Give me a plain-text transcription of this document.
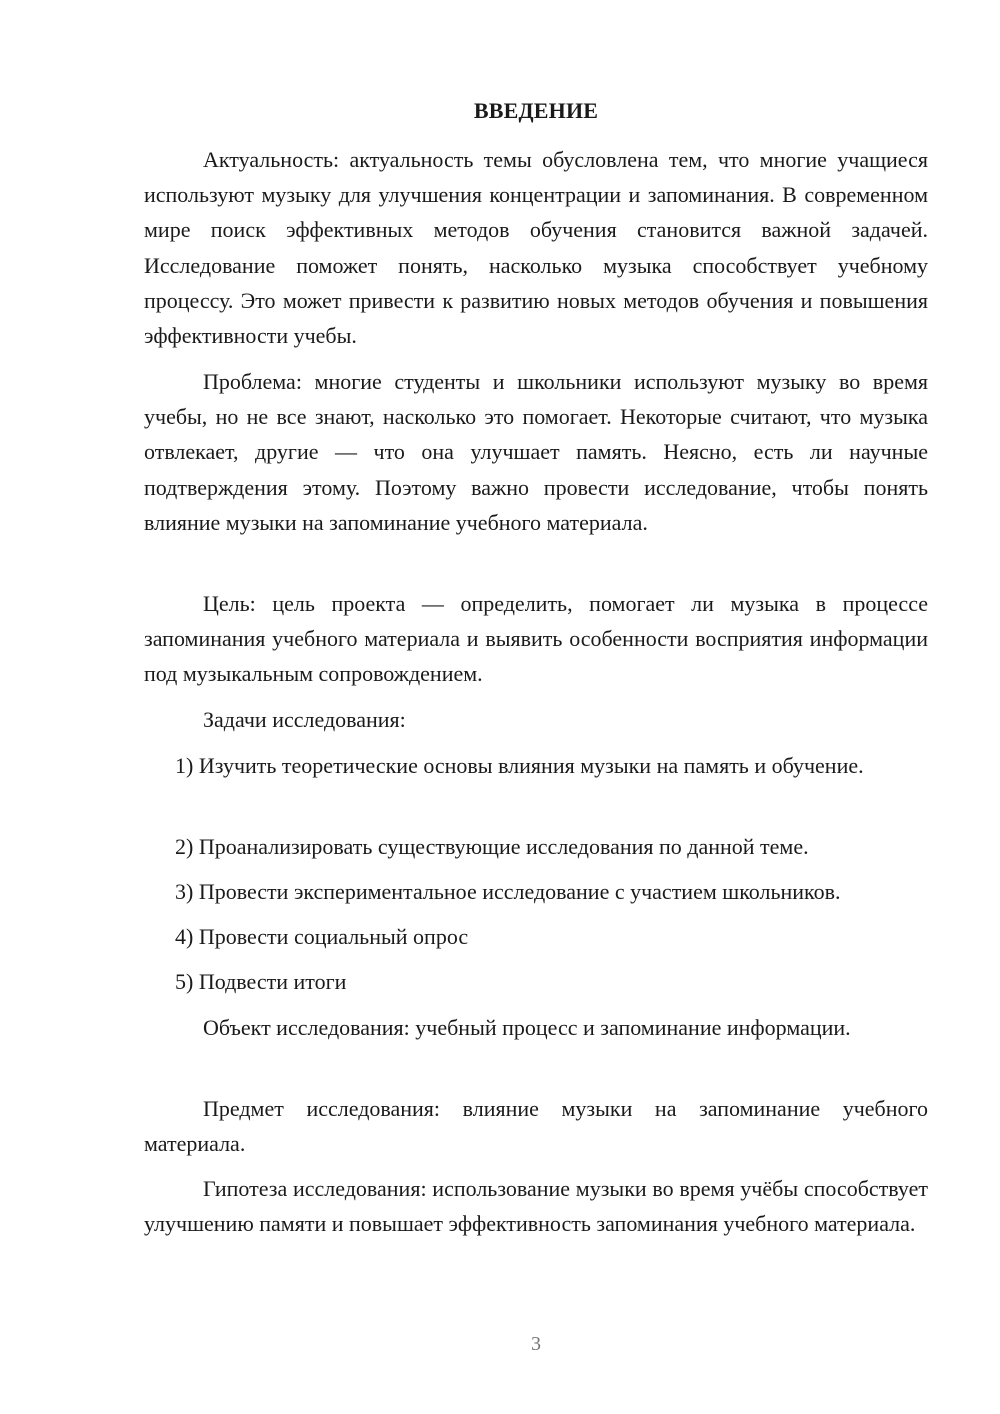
ВВЕДЕНИЕ

Актуальность: актуальность темы обусловлена тем, что многие учащиеся используют музыку для улучшения концентрации и запоминания. В современном мире поиск эффективных методов обучения становится важной задачей. Исследование поможет понять, насколько музыка способствует учебному процессу. Это может привести к развитию новых методов обучения и повышения эффективности учебы.

Проблема: многие студенты и школьники используют музыку во время учебы, но не все знают, насколько это помогает. Некоторые считают, что музыка отвлекает, другие — что она улучшает память. Неясно, есть ли научные подтверждения этому. Поэтому важно провести исследование, чтобы понять влияние музыки на запоминание учебного материала.

Цель: цель проекта — определить, помогает ли музыка в процессе запоминания учебного материала и выявить особенности восприятия информации под музыкальным сопровождением.

Задачи исследования:

1) Изучить теоретические основы влияния музыки на память и обучение.

2) Проанализировать существующие исследования по данной теме.

3) Провести экспериментальное исследование с участием школьников.

4) Провести социальный опрос

5) Подвести итоги

Объект исследования: учебный процесс и запоминание информации.

Предмет исследования: влияние музыки на запоминание учебного материала.

Гипотеза исследования: использование музыки во время учёбы способствует улучшению памяти и повышает эффективность запоминания учебного материала.

3
